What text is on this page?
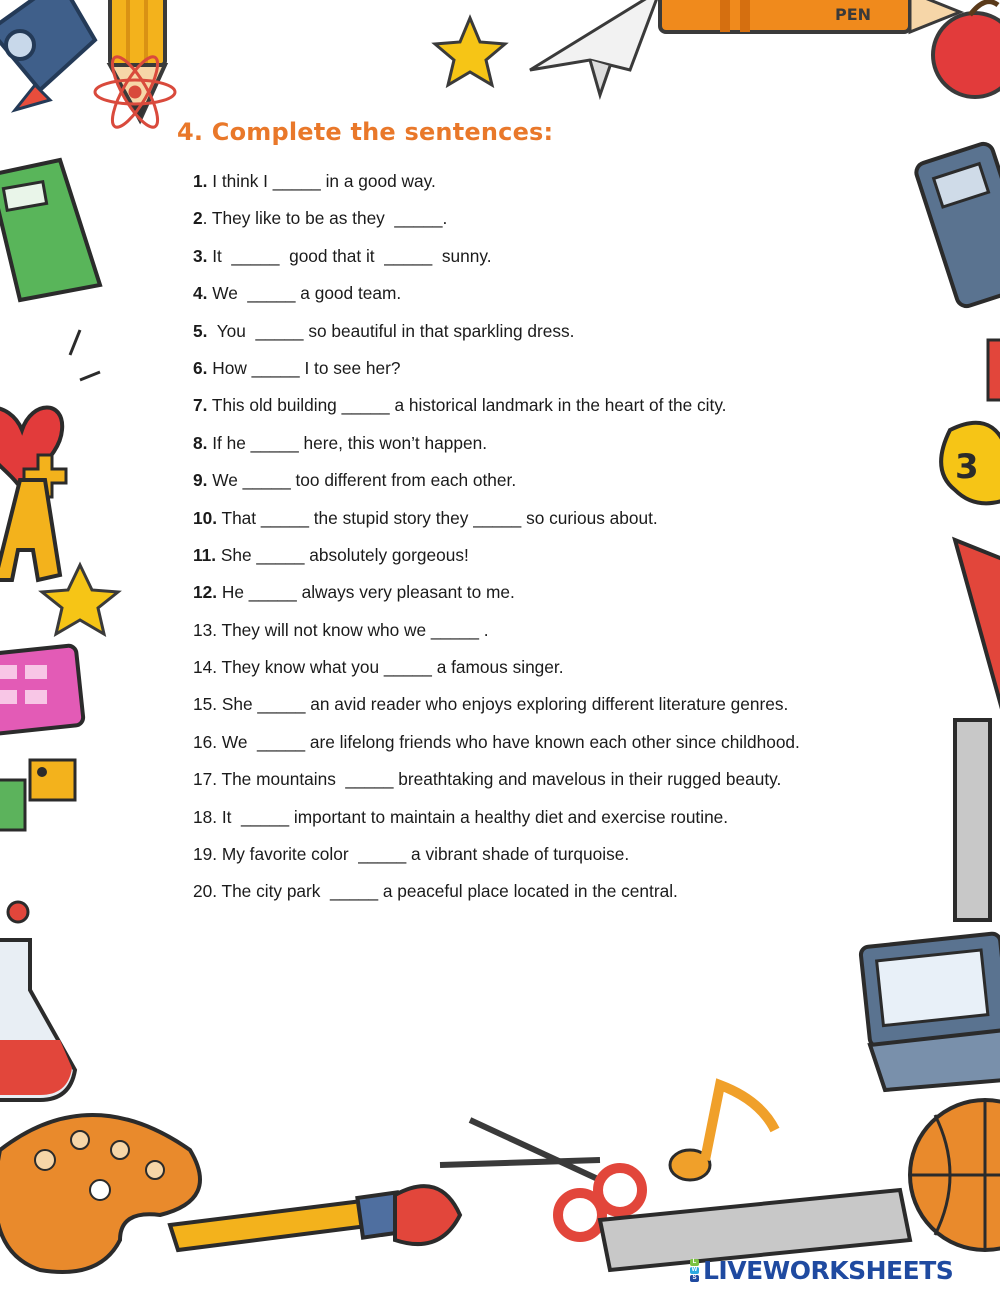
PEN
3
4. Complete the sentences:
1. I think I _____ in a good way.
2. They like to be as they  _____.
3. It  _____  good that it  _____  sunny.
4. We  _____ a good team.
5.  You  _____ so beautiful in that sparkling dress.
6. How _____ I to see her?
7. This old building _____ a historical landmark in the heart of the city.
8. If he _____ here, this won’t happen.
9. We _____ too different from each other.
10. That _____ the stupid story they _____ so curious about.
11. She _____ absolutely gorgeous!
12. He _____ always very pleasant to me.
13. They will not know who we _____ .
14. They know what you _____ a famous singer.
15. She _____ an avid reader who enjoys exploring different literature genres.
16. We  _____ are lifelong friends who have known each other since childhood.
17. The mountains  _____ breathtaking and mavelous in their rugged beauty.
18. It  _____ important to maintain a healthy diet and exercise routine.
19. My favorite color  _____ a vibrant shade of turquoise.
20. The city park  _____ a peaceful place located in the central.
L
W
S LIVEWORKSHEETS
